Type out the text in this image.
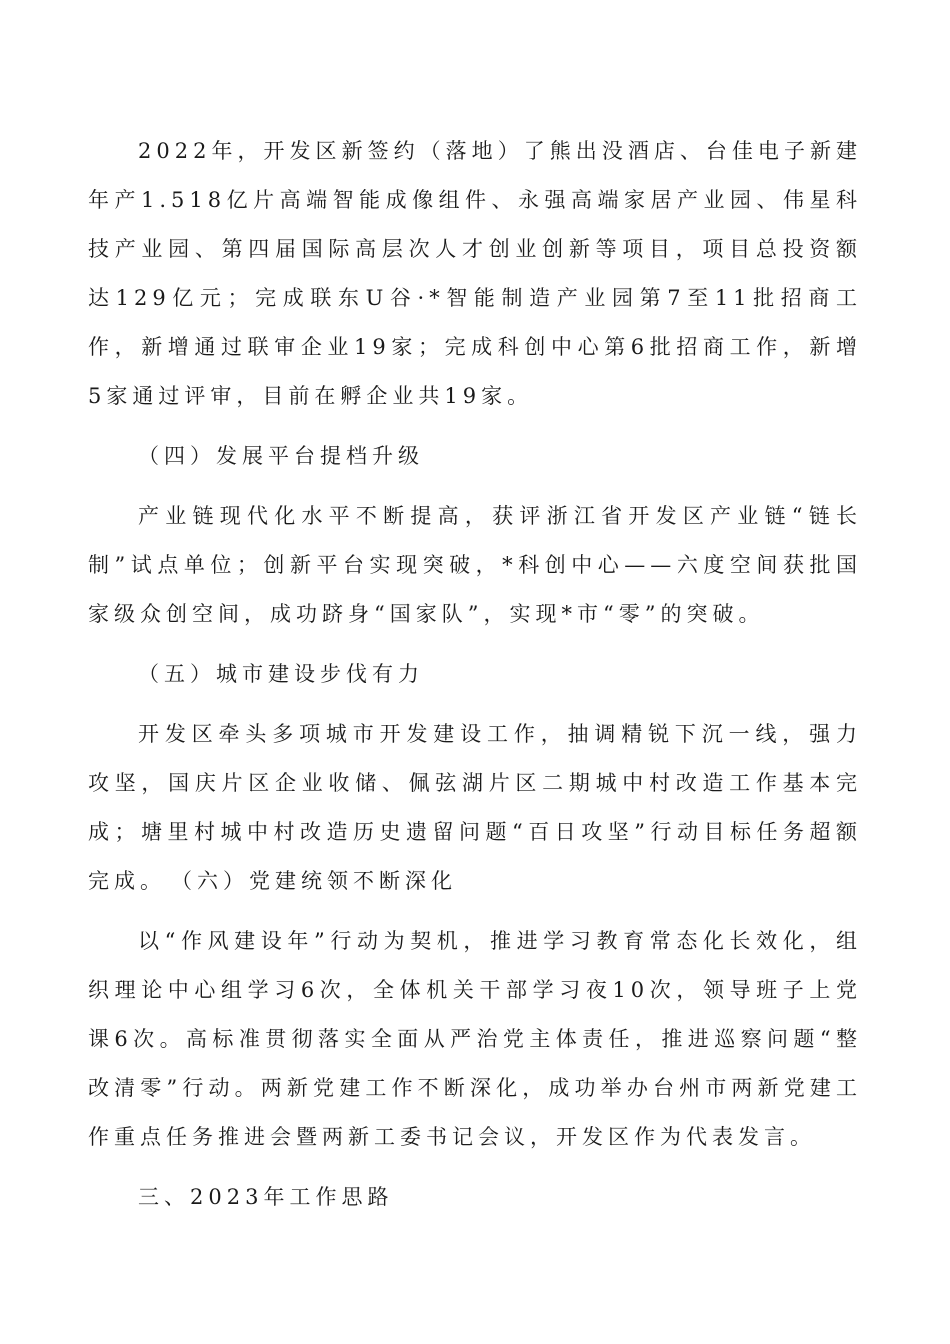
2022年，开发区新签约（落地）了熊出没酒店、台佳电子新建年产1.518亿片高端智能成像组件、永强高端家居产业园、伟星科技产业园、第四届国际高层次人才创业创新等项目，项目总投资额达129亿元；完成联东U谷·*智能制造产业园第7至11批招商工作，新增通过联审企业19家；完成科创中心第6批招商工作，新增5家通过评审，目前在孵企业共19家。

（四）发展平台提档升级

产业链现代化水平不断提高，获评浙江省开发区产业链“链长制”试点单位；创新平台实现突破，*科创中心——六度空间获批国家级众创空间，成功跻身“国家队”，实现*市“零”的突破。

（五）城市建设步伐有力

开发区牵头多项城市开发建设工作，抽调精锐下沉一线，强力攻坚，国庆片区企业收储、佩弦湖片区二期城中村改造工作基本完成；塘里村城中村改造历史遗留问题“百日攻坚”行动目标任务超额完成。　（六）党建统领不断深化

以“作风建设年”行动为契机，推进学习教育常态化长效化，组织理论中心组学习6次，全体机关干部学习夜10次，领导班子上党课6次。高标准贯彻落实全面从严治党主体责任，推进巡察问题“整改清零”行动。两新党建工作不断深化，成功举办台州市两新党建工作重点任务推进会暨两新工委书记会议，开发区作为代表发言。

三、2023年工作思路
